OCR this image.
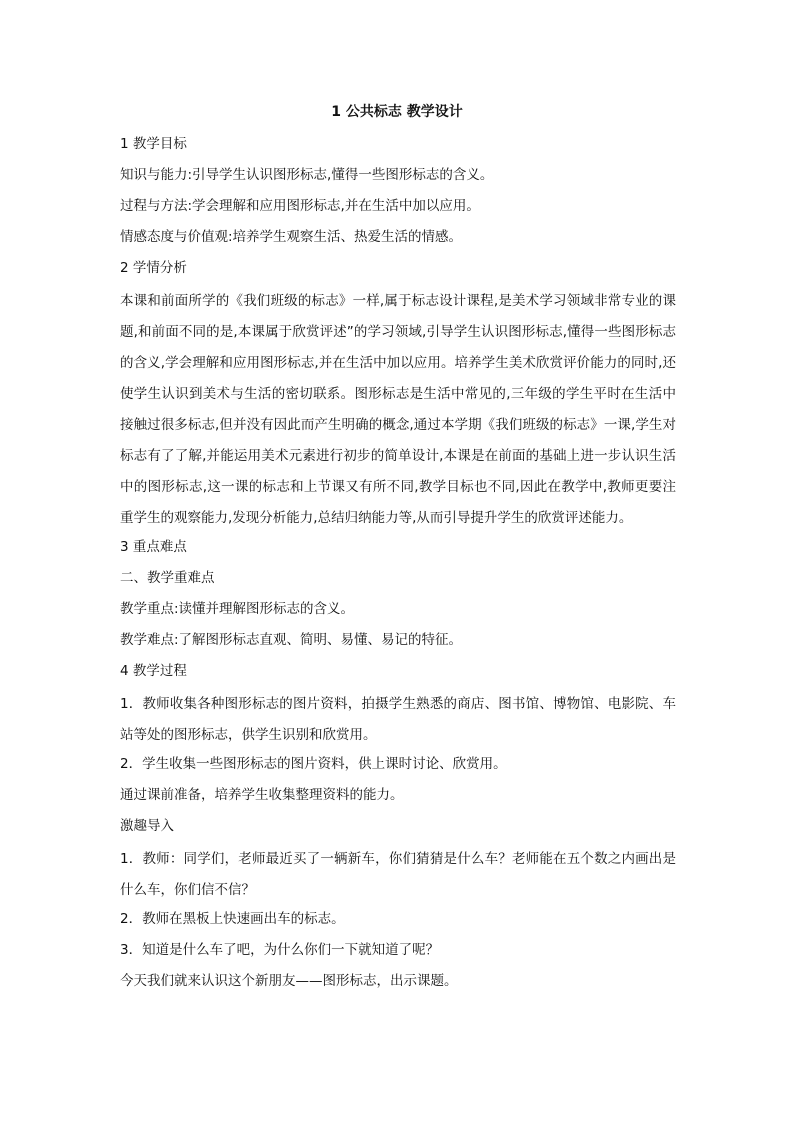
1 公共标志 教学设计
1 教学目标
知识与能力:引导学生认识图形标志,懂得一些图形标志的含义。
过程与方法:学会理解和应用图形标志,并在生活中加以应用。
情感态度与价值观:培养学生观察生活、热爱生活的情感。
2 学情分析
本课和前面所学的《我们班级的标志》一样,属于标志设计课程,是美术学习领域非常专业的课题,和前面不同的是,本课属于欣赏评述”的学习领域,引导学生认识图形标志,懂得一些图形标志的含义,学会理解和应用图形标志,并在生活中加以应用。培养学生美术欣赏评价能力的同时,还使学生认识到美术与生活的密切联系。图形标志是生活中常见的,三年级的学生平时在生活中接触过很多标志,但并没有因此而产生明确的概念,通过本学期《我们班级的标志》一课,学生对标志有了了解,并能运用美术元素进行初步的简单设计,本课是在前面的基础上进一步认识生活中的图形标志,这一课的标志和上节课又有所不同,教学目标也不同,因此在教学中,教师更要注重学生的观察能力,发现分析能力,总结归纳能力等,从而引导提升学生的欣赏评述能力。
3 重点难点
二、教学重难点
教学重点:读懂并理解图形标志的含义。
教学难点:了解图形标志直观、简明、易懂、易记的特征。
4 教学过程
1．教师收集各种图形标志的图片资料，拍摄学生熟悉的商店、图书馆、博物馆、电影院、车站等处的图形标志，供学生识别和欣赏用。
2．学生收集一些图形标志的图片资料，供上课时讨论、欣赏用。
通过课前准备，培养学生收集整理资料的能力。
激趣导入
1．教师：同学们，老师最近买了一辆新车，你们猜猜是什么车？老师能在五个数之内画出是什么车，你们信不信？
2．教师在黑板上快速画出车的标志。
3．知道是什么车了吧，为什么你们一下就知道了呢？
今天我们就来认识这个新朋友——图形标志，出示课题。
